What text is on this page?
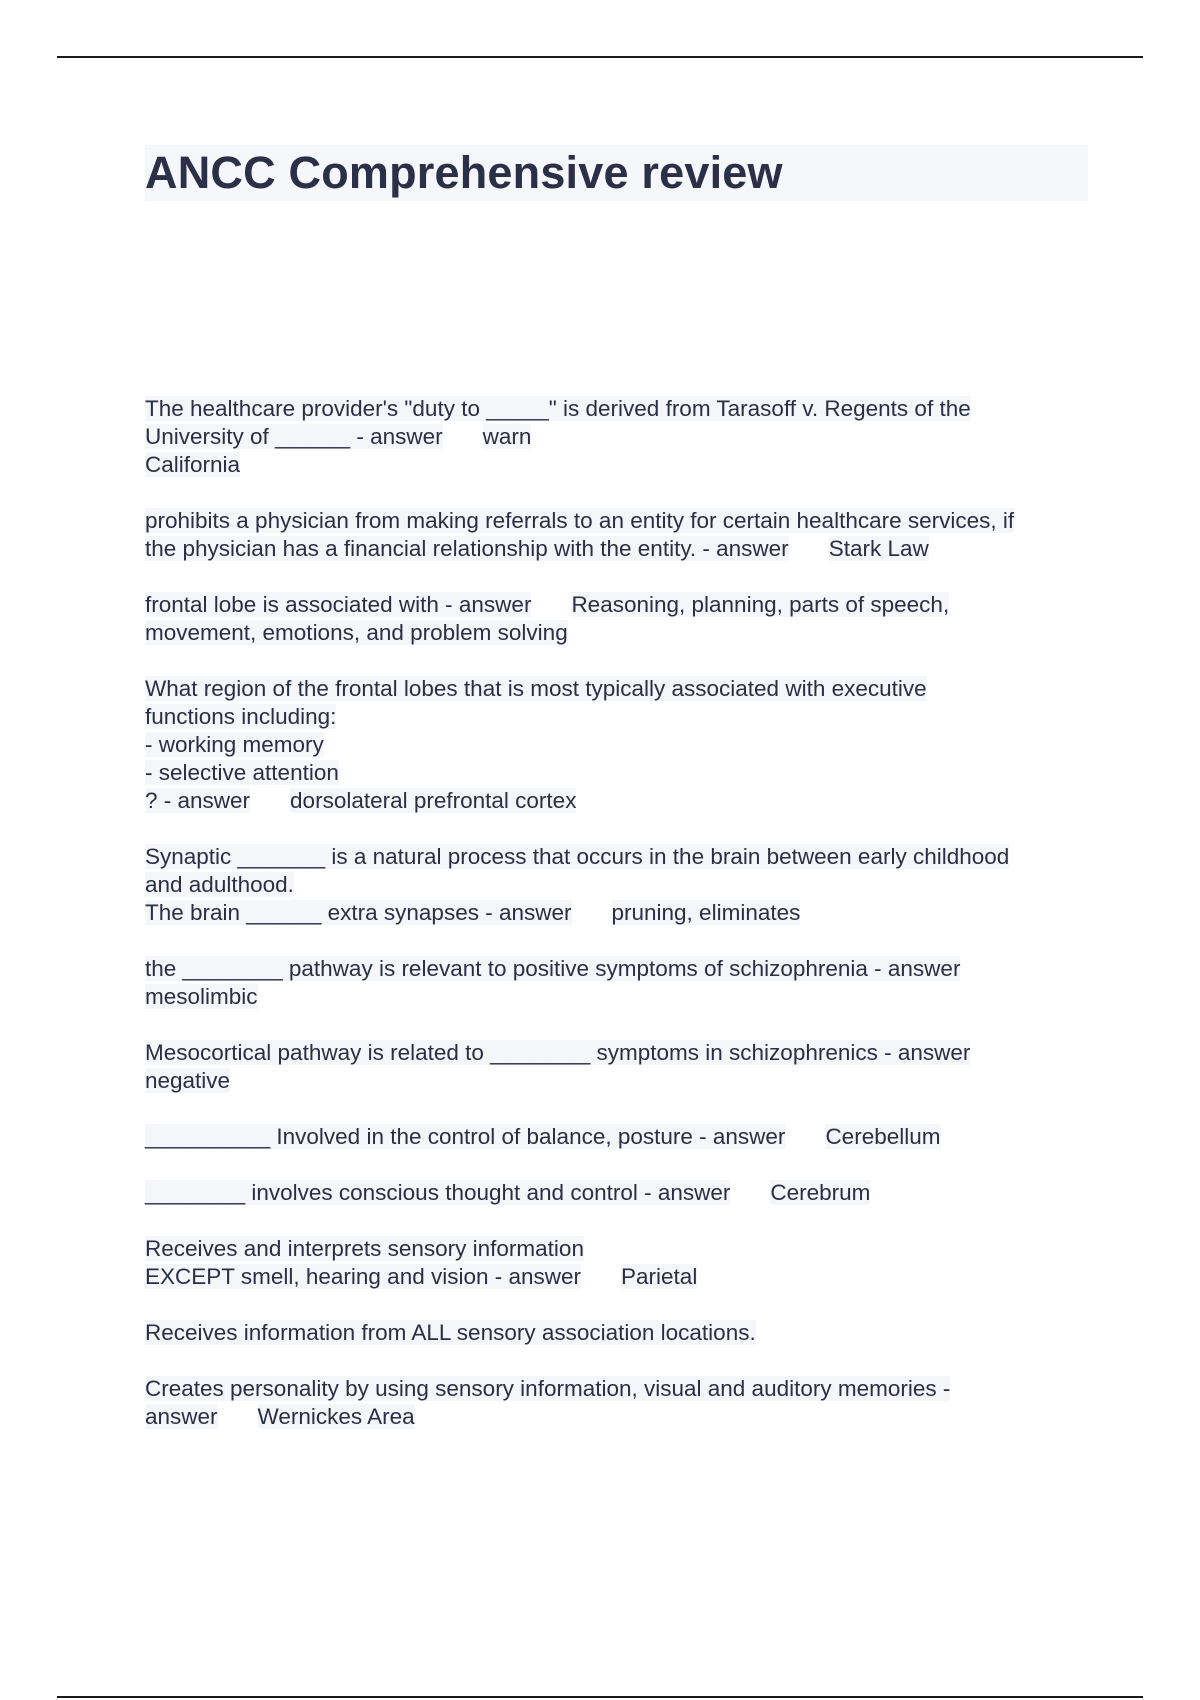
ANCC Comprehensive review
The healthcare provider's "duty to _____" is derived from Tarasoff v. Regents of the
University of ______ - answer warn
California
prohibits a physician from making referrals to an entity for certain healthcare services, if
the physician has a financial relationship with the entity. - answer Stark Law
frontal lobe is associated with - answer Reasoning, planning, parts of speech,
movement, emotions, and problem solving
What region of the frontal lobes that is most typically associated with executive
functions including:
- working memory
- selective attention
? - answer dorsolateral prefrontal cortex
Synaptic _______ is a natural process that occurs in the brain between early childhood
and adulthood.
The brain ______ extra synapses - answer pruning, eliminates
the ________ pathway is relevant to positive symptoms of schizophrenia - answer
mesolimbic
Mesocortical pathway is related to ________ symptoms in schizophrenics - answer
negative
__________ Involved in the control of balance, posture - answer Cerebellum
________ involves conscious thought and control - answer Cerebrum
Receives and interprets sensory information
EXCEPT smell, hearing and vision - answer Parietal
Receives information from ALL sensory association locations.
Creates personality by using sensory information, visual and auditory memories -
answer Wernickes Area
